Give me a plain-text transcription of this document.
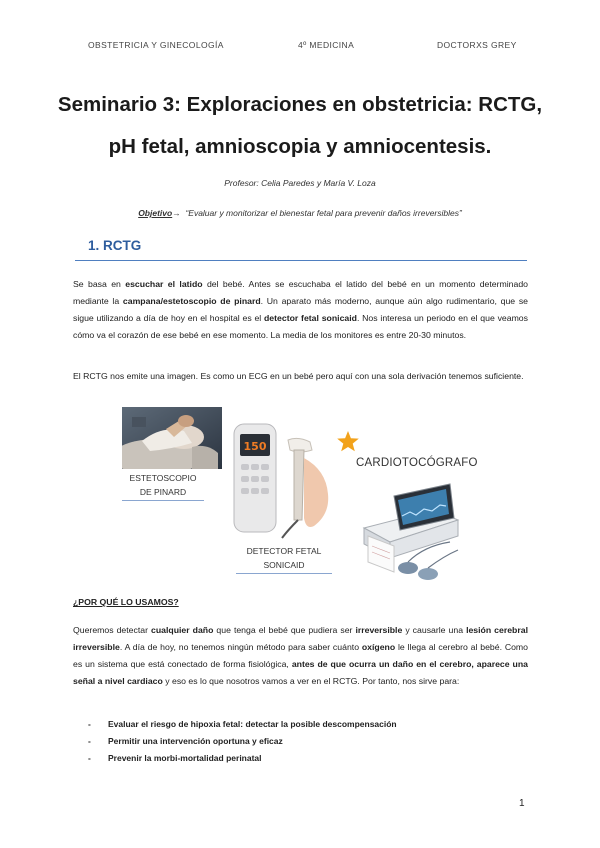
OBSTETRICIA Y GINECOLOGÍA	4º MEDICINA	DOCTORXS GREY
Seminario 3: Exploraciones en obstetricia: RCTG,
pH fetal, amnioscopia y amniocentesis.
Profesor: Celia Paredes y María V. Loza
Objetivo→ “Evaluar y monitorizar el bienestar fetal para prevenir daños irreversibles”
1. RCTG
Se basa en escuchar el latido del bebé. Antes se escuchaba el latido del bebé en un momento determinado mediante la campana/estetoscopio de pinard. Un aparato más moderno, aunque aún algo rudimentario, que se sigue utilizando a día de hoy en el hospital es el detector fetal sonicaid. Nos interesa un periodo en el que veamos cómo va el corazón de ese bebé en ese momento. La media de los monitores es entre 20-30 minutos.
El RCTG nos emite una imagen. Es como un ECG en un bebé pero aquí con una sola derivación tenemos suficiente.
ESTETOSCOPIO
DE PINARD
150
DETECTOR FETAL
SONICAID
CARDIOTOCÓGRAFO
¿POR QUÉ LO USAMOS?
Queremos detectar cualquier daño que tenga el bebé que pudiera ser irreversible y causarle una lesión cerebral irreversible. A día de hoy, no tenemos ningún método para saber cuánto oxígeno le llega al cerebro al bebé. Como es un sistema que está conectado de forma fisiológica, antes de que ocurra un daño en el cerebro, aparece una señal a nivel cardiaco y eso es lo que nosotros vamos a ver en el RCTG. Por tanto, nos sirve para:
- Evaluar el riesgo de hipoxia fetal: detectar la posible descompensación
- Permitir una intervención oportuna y eficaz
- Prevenir la morbi-mortalidad perinatal
1
